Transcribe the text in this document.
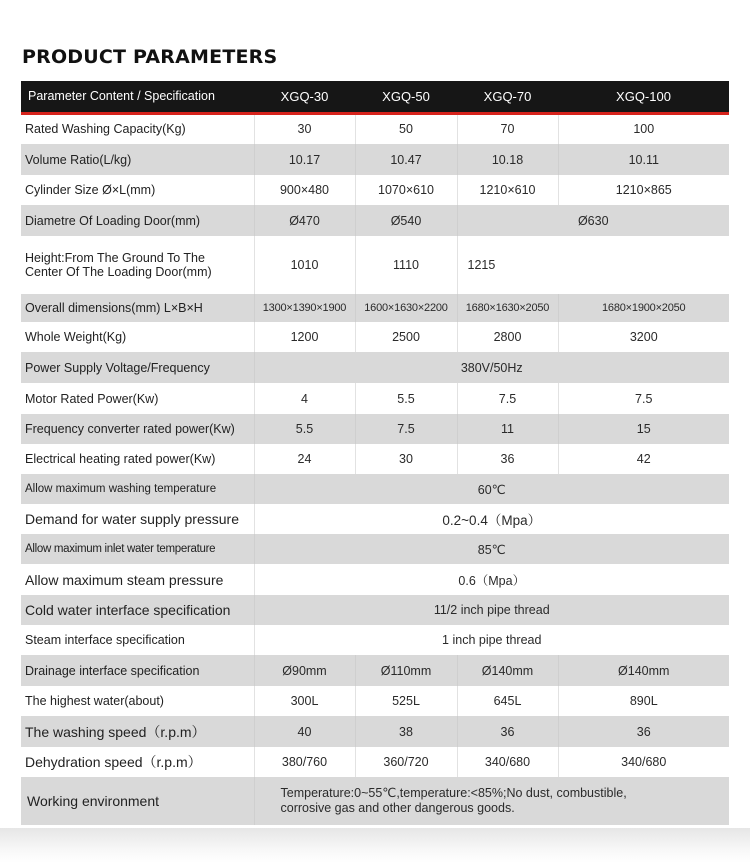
PRODUCT PARAMETERS
Parameter Content / Specification	XGQ-30	XGQ-50	XGQ-70	XGQ-100
Rated Washing Capacity(Kg)	30	50	70	100
Volume Ratio(L/kg)	10.17	10.47	10.18	10.11
Cylinder Size Ø×L(mm)	900×480	1070×610	1210×610	1210×865
Diametre Of Loading Door(mm)	Ø470	Ø540	Ø630	

Height:From The Ground To The
Center Of The Loading Door(mm)	1010	1110	1215	
Overall dimensions(mm) L×B×H	1300×1390×1900	1600×1630×2200	1680×1630×2050	1680×1900×2050
Whole Weight(Kg)	1200	2500	2800	3200
Power Supply Voltage/Frequency	380V/50Hz			
Motor Rated Power(Kw)	4	5.5	7.5	7.5
Frequency converter rated power(Kw)	5.5	7.5	11	15
Electrical heating rated power(Kw)	24	30	36	42
Allow maximum washing temperature	60℃			
Demand for water supply pressure	0.2~0.4（Mpa）			
Allow maximum inlet water temperature	85℃			
Allow maximum steam pressure	0.6（Mpa）			
Cold water interface specification	11/2 inch pipe thread			
Steam interface specification	1 inch pipe thread			
Drainage interface specification	Ø90mm	Ø110mm	Ø140mm	Ø140mm
The highest water(about)	300L	525L	645L	890L
The washing speed（r.p.m）	40	38	36	36
Dehydration speed（r.p.m）	380/760	360/720	340/680	340/680
Working environment	Temperature:0~55℃,temperature:<85%;No dust, combustible,
corrosive gas and other dangerous goods.			
